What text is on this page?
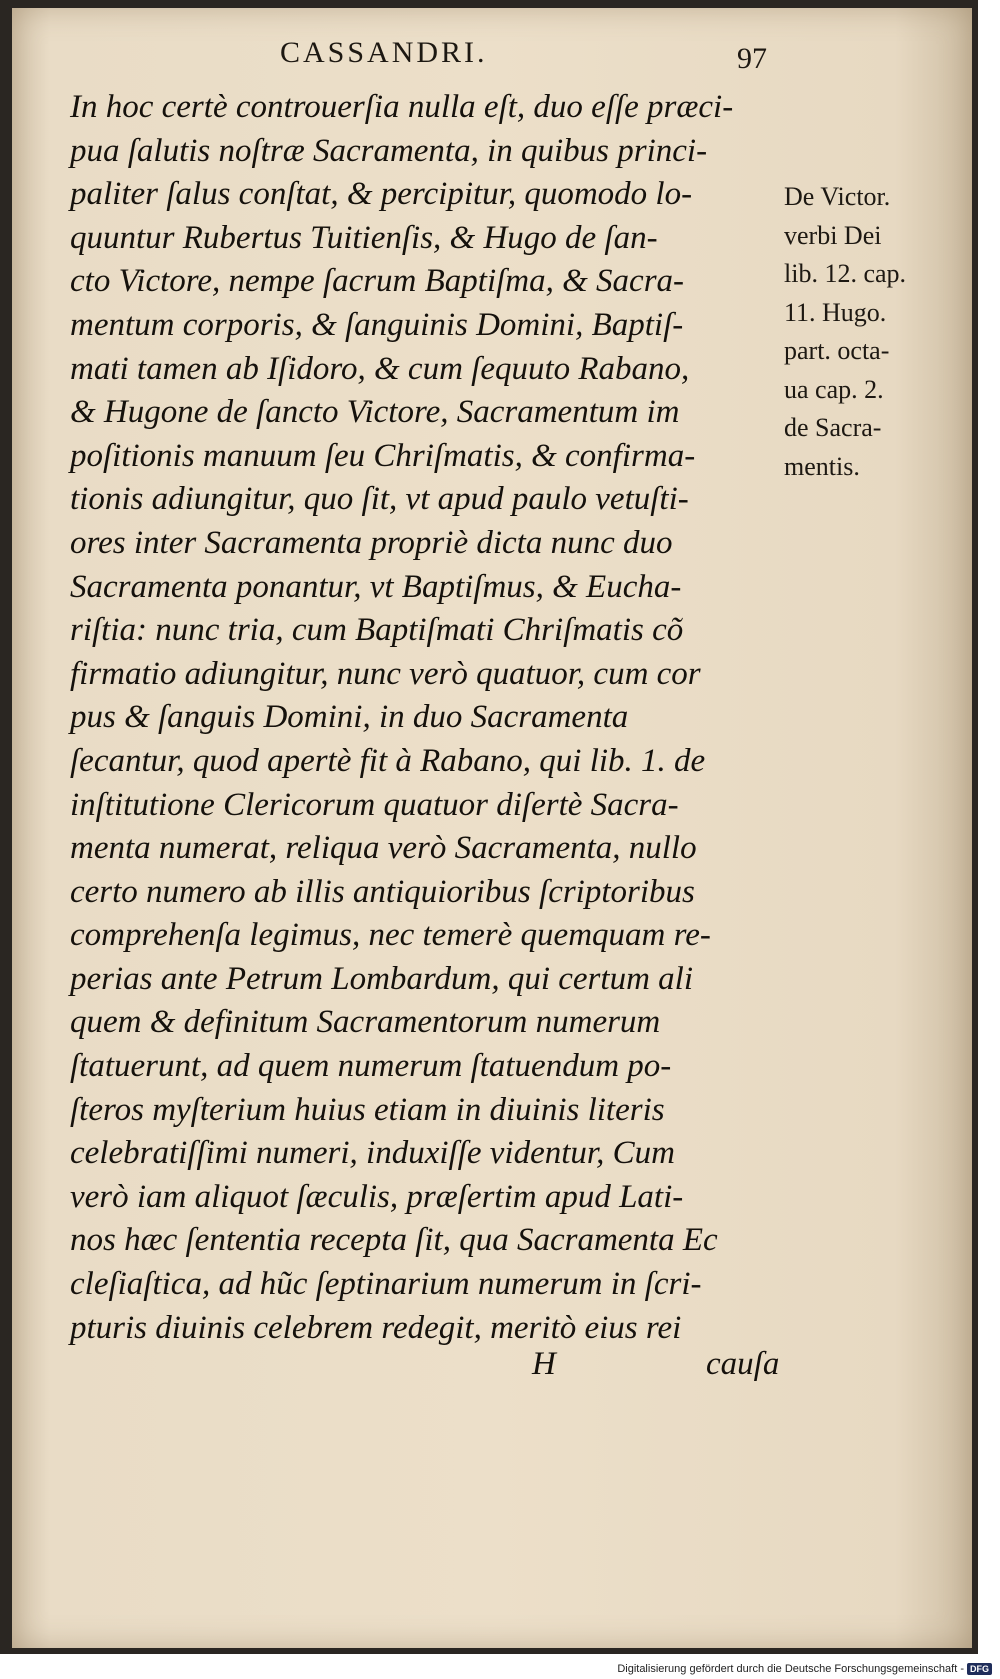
CASSANDRI.	97
In hoc certè controuerſia nulla eſt, duo eſſe præci-
pua ſalutis noſtræ Sacramenta, in quibus princi-
paliter ſalus conſtat, & percipitur, quomodo lo-
quuntur Rubertus Tuitienſis, & Hugo de ſan-
cto Victore, nempe ſacrum Baptiſma, & Sacra-
mentum corporis, & ſanguinis Domini, Baptiſ-
mati tamen ab Iſidoro, & cum ſequuto Rabano,
& Hugone de ſancto Victore, Sacramentum im
poſitionis manuum ſeu Chriſmatis, & confirma-
tionis adiungitur, quo ſit, vt apud paulo vetuſti-
ores inter Sacramenta propriè dicta nunc duo
Sacramenta ponantur, vt Baptiſmus, & Eucha-
riſtia: nunc tria, cum Baptiſmati Chriſmatis cõ
firmatio adiungitur, nunc verò quatuor, cum cor
pus & ſanguis Domini, in duo Sacramenta
ſecantur, quod apertè fit à Rabano, qui lib. 1. de
inſtitutione Clericorum quatuor diſertè Sacra-
menta numerat, reliqua verò Sacramenta, nullo
certo numero ab illis antiquioribus ſcriptoribus
comprehenſa legimus, nec temerè quemquam re-
perias ante Petrum Lombardum, qui certum ali
quem & definitum Sacramentorum numerum
ſtatuerunt, ad quem numerum ſtatuendum po-
ſteros myſterium huius etiam in diuinis literis
celebratiſſimi numeri, induxiſſe videntur, Cum
verò iam aliquot ſæculis, præſertim apud Lati-
nos hæc ſententia recepta ſit, qua Sacramenta Ec
cleſiaſtica, ad hũc ſeptinarium numerum in ſcri-
pturis diuinis celebrem redegit, meritò eius rei
De Victor.
verbi Dei
lib. 12. cap.
11. Hugo.
part. octa-
ua cap. 2.
de Sacra-
mentis.
H	cauſa
Digitalisierung gefördert durch die Deutsche Forschungsgemeinschaft - DFG
